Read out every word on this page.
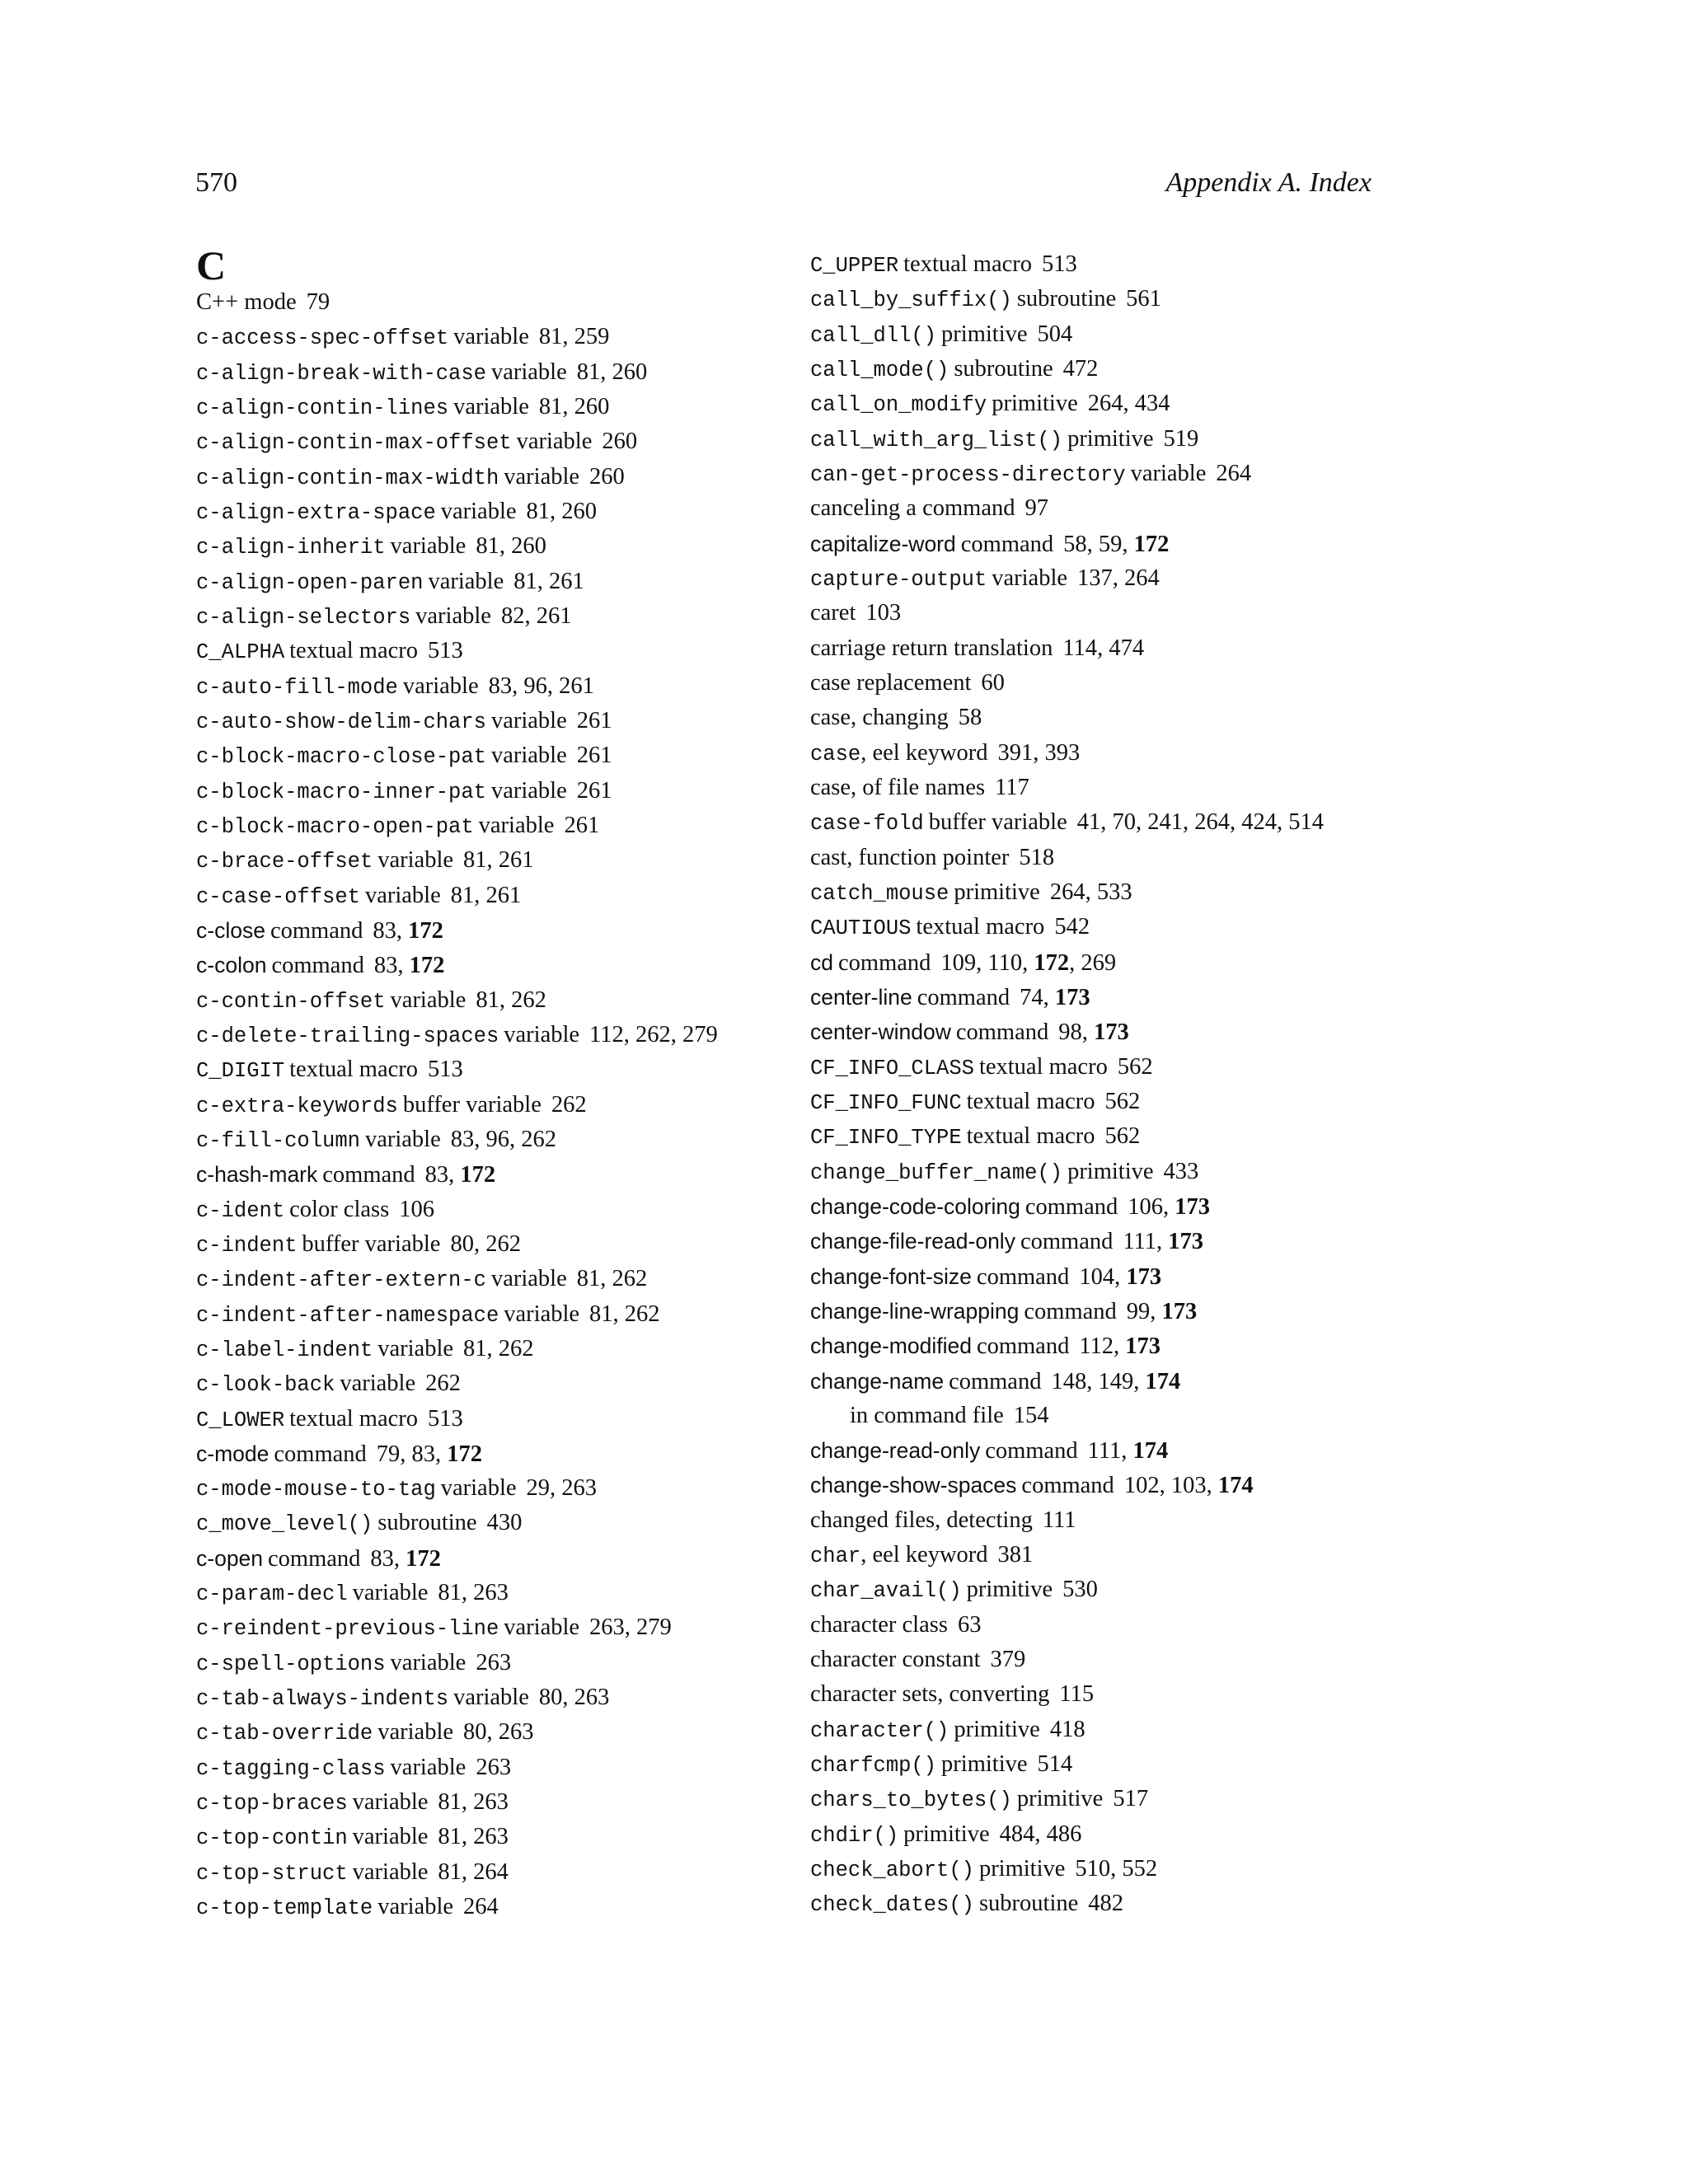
570	Appendix A. Index
C
C++ mode 79
c-access-spec-offset variable 81, 259
c-align-break-with-case variable 81, 260
c-align-contin-lines variable 81, 260
c-align-contin-max-offset variable 260
c-align-contin-max-width variable 260
c-align-extra-space variable 81, 260
c-align-inherit variable 81, 260
c-align-open-paren variable 81, 261
c-align-selectors variable 82, 261
C_ALPHA textual macro 513
c-auto-fill-mode variable 83, 96, 261
c-auto-show-delim-chars variable 261
c-block-macro-close-pat variable 261
c-block-macro-inner-pat variable 261
c-block-macro-open-pat variable 261
c-brace-offset variable 81, 261
c-case-offset variable 81, 261
c-close command 83, 172
c-colon command 83, 172
c-contin-offset variable 81, 262
c-delete-trailing-spaces variable 112, 262, 279
C_DIGIT textual macro 513
c-extra-keywords buffer variable 262
c-fill-column variable 83, 96, 262
c-hash-mark command 83, 172
c-ident color class 106
c-indent buffer variable 80, 262
c-indent-after-extern-c variable 81, 262
c-indent-after-namespace variable 81, 262
c-label-indent variable 81, 262
c-look-back variable 262
C_LOWER textual macro 513
c-mode command 79, 83, 172
c-mode-mouse-to-tag variable 29, 263
c_move_level() subroutine 430
c-open command 83, 172
c-param-decl variable 81, 263
c-reindent-previous-line variable 263, 279
c-spell-options variable 263
c-tab-always-indents variable 80, 263
c-tab-override variable 80, 263
c-tagging-class variable 263
c-top-braces variable 81, 263
c-top-contin variable 81, 263
c-top-struct variable 81, 264
c-top-template variable 264
C_UPPER textual macro 513
call_by_suffix() subroutine 561
call_dll() primitive 504
call_mode() subroutine 472
call_on_modify primitive 264, 434
call_with_arg_list() primitive 519
can-get-process-directory variable 264
canceling a command 97
capitalize-word command 58, 59, 172
capture-output variable 137, 264
caret 103
carriage return translation 114, 474
case replacement 60
case, changing 58
case, eel keyword 391, 393
case, of file names 117
case-fold buffer variable 41, 70, 241, 264, 424, 514
cast, function pointer 518
catch_mouse primitive 264, 533
CAUTIOUS textual macro 542
cd command 109, 110, 172, 269
center-line command 74, 173
center-window command 98, 173
CF_INFO_CLASS textual macro 562
CF_INFO_FUNC textual macro 562
CF_INFO_TYPE textual macro 562
change_buffer_name() primitive 433
change-code-coloring command 106, 173
change-file-read-only command 111, 173
change-font-size command 104, 173
change-line-wrapping command 99, 173
change-modified command 112, 173
change-name command 148, 149, 174
in command file 154
change-read-only command 111, 174
change-show-spaces command 102, 103, 174
changed files, detecting 111
char, eel keyword 381
char_avail() primitive 530
character class 63
character constant 379
character sets, converting 115
character() primitive 418
charfcmp() primitive 514
chars_to_bytes() primitive 517
chdir() primitive 484, 486
check_abort() primitive 510, 552
check_dates() subroutine 482
